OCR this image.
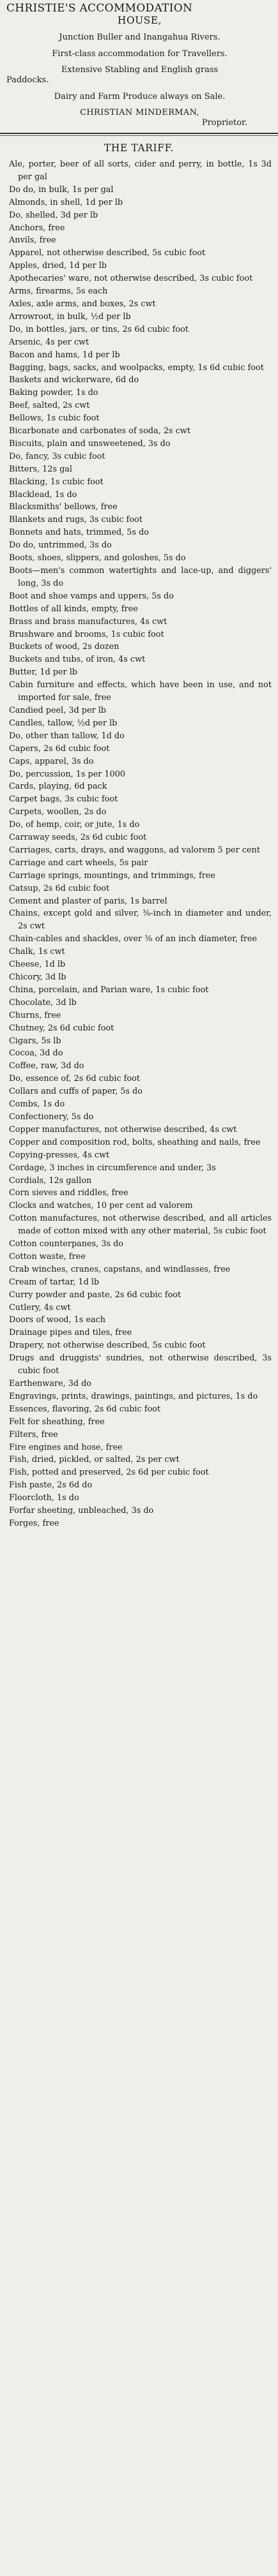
CHRISTIE'S ACCOMMODATION

HOUSE,

Junction Buller and Inangahua Rivers.

First-class accommodation for Travellers.

Extensive Stabling and English grass
Paddocks.

Dairy and Farm Produce always on Sale.

CHRISTIAN MINDERMAN,
Proprietor.
THE TARIFF.

Ale, porter, beer of all sorts, cider and perry, in bottle, 1s 3d per gal

Do do, in bulk, 1s per gal

Almonds, in shell, 1d per lb

Do, shelled, 3d per lb

Anchors, free

Anvils, free

Apparel, not otherwise described, 5s cubic foot

Apples, dried, 1d per lb

Apothecaries' ware, not otherwise described, 3s cubic foot

Arms, firearms, 5s each

Axles, axle arms, and boxes, 2s cwt

Arrowroot, in bulk, ½d per lb

Do, in bottles, jars, or tins, 2s 6d cubic foot

Arsenic, 4s per cwt

Bacon and hams, 1d per lb

Bagging, bags, sacks, and woolpacks, empty, 1s 6d cubic foot

Baskets and wickerware, 6d do

Baking powder, 1s do

Beef, salted, 2s cwt

Bellows, 1s cubic foot

Bicarbonate and carbonates of soda, 2s cwt

Biscuits, plain and unsweetened, 3s do

Do, fancy, 3s cubic foot

Bitters, 12s gal

Blacking, 1s cubic foot

Blacklead, 1s do

Blacksmiths' bellows, free

Blankets and rugs, 3s cubic foot

Bonnets and hats, trimmed, 5s do

Do do, untrimmed, 3s do

Boots, shoes, slippers, and goloshes, 5s do

Boots—men's common watertights and lace-up, and diggers' long, 3s do

Boot and shoe vamps and uppers, 5s do

Bottles of all kinds, empty, free

Brass and brass manufactures, 4s cwt

Brushware and brooms, 1s cubic foot

Buckets of wood, 2s dozen

Buckets and tubs, of iron, 4s cwt

Butter, 1d per lb

Cabin furniture and effects, which have been in use, and not imported for sale, free

Candied peel, 3d per lb

Candles, tallow, ½d per lb

Do, other than tallow, 1d do

Capers, 2s 6d cubic foot

Caps, apparel, 3s do

Do, percussion, 1s per 1000

Cards, playing, 6d pack

Carpet bags, 3s cubic foot

Carpets, woollen, 2s do

Do, of hemp, coir, or jute, 1s do

Carraway seeds, 2s 6d cubic foot

Carriages, carts, drays, and waggons, ad valorem 5 per cent

Carriage and cart wheels, 5s pair

Carriage springs, mountings, and trimmings, free

Catsup, 2s 6d cubic foot

Cement and plaster of paris, 1s barrel

Chains, except gold and silver, ⅜-inch in diameter and under, 2s cwt

Chain-cables and shackles, over ⅜ of an inch diameter, free

Chalk, 1s cwt

Cheese, 1d lb

Chicory, 3d lb

China, porcelain, and Parian ware, 1s cubic foot

Chocolate, 3d lb

Churns, free

Chutney, 2s 6d cubic foot

Cigars, 5s lb

Cocoa, 3d do

Coffee, raw, 3d do

Do, essence of, 2s 6d cubic foot

Collars and cuffs of paper, 5s do

Combs, 1s do

Confectionery, 5s do

Copper manufactures, not otherwise described, 4s cwt

Copper and composition rod, bolts, sheathing and nails, free

Copying-presses, 4s cwt

Cordage, 3 inches in circumference and under, 3s

Cordials, 12s gallon

Corn sieves and riddles, free

Clocks and watches, 10 per cent ad valorem

Cotton manufactures, not otherwise described, and all articles made of cotton mixed with any other material, 5s cubic foot

Cotton counterpanes, 3s do

Cotton waste, free

Crab winches, cranes, capstans, and windlasses, free

Cream of tartar, 1d lb

Curry powder and paste, 2s 6d cubic foot

Cutlery, 4s cwt

Doors of wood, 1s each

Drainage pipes and tiles, free

Drapery, not otherwise described, 5s cubic foot

Drugs and druggists' sundries, not otherwise described, 3s cubic foot

Earthenware, 3d do

Engravings, prints, drawings, paintings, and pictures, 1s do

Essences, flavoring, 2s 6d cubic foot

Felt for sheathing, free

Filters, free

Fire engines and hose, free

Fish, dried, pickled, or salted, 2s per cwt

Fish, potted and preserved, 2s 6d per cubic foot

Fish paste, 2s 6d do

Floorcloth, 1s do

Forfar sheeting, unbleached, 3s do

Forges, free
